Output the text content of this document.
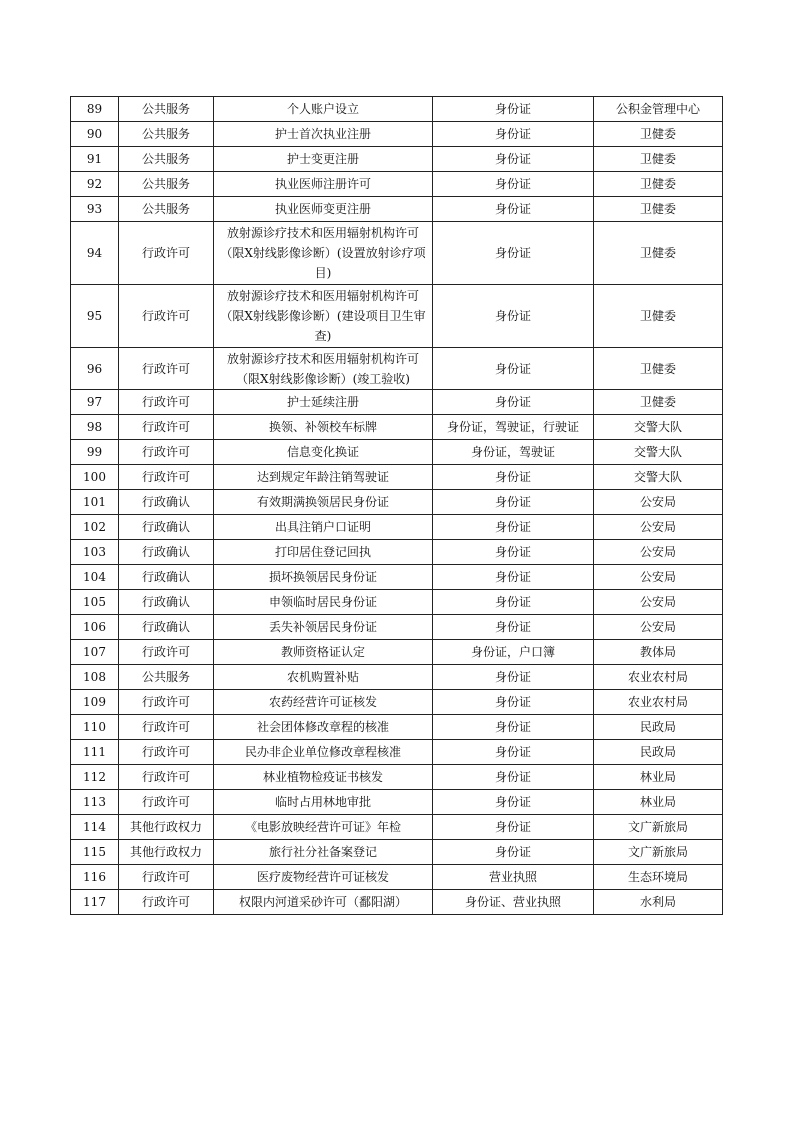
89	公共服务	个人账户设立	身份证	公积金管理中心
90	公共服务	护士首次执业注册	身份证	卫健委
91	公共服务	护士变更注册	身份证	卫健委
92	公共服务	执业医师注册许可	身份证	卫健委
93	公共服务	执业医师变更注册	身份证	卫健委
94	行政许可	放射源诊疗技术和医用辐射机构许可（限X射线影像诊断）(设置放射诊疗项目)	身份证	卫健委
95	行政许可	放射源诊疗技术和医用辐射机构许可（限X射线影像诊断）(建设项目卫生审查)	身份证	卫健委
96	行政许可	放射源诊疗技术和医用辐射机构许可（限X射线影像诊断）(竣工验收)	身份证	卫健委
97	行政许可	护士延续注册	身份证	卫健委
98	行政许可	换领、补领校车标牌	身份证，驾驶证，行驶证	交警大队
99	行政许可	信息变化换证	身份证，驾驶证	交警大队
100	行政许可	达到规定年龄注销驾驶证	身份证	交警大队
101	行政确认	有效期满换领居民身份证	身份证	公安局
102	行政确认	出具注销户口证明	身份证	公安局
103	行政确认	打印居住登记回执	身份证	公安局
104	行政确认	损坏换领居民身份证	身份证	公安局
105	行政确认	申领临时居民身份证	身份证	公安局
106	行政确认	丢失补领居民身份证	身份证	公安局
107	行政许可	教师资格证认定	身份证，户口簿	教体局
108	公共服务	农机购置补贴	身份证	农业农村局
109	行政许可	农药经营许可证核发	身份证	农业农村局
110	行政许可	社会团体修改章程的核准	身份证	民政局
111	行政许可	民办非企业单位修改章程核准	身份证	民政局
112	行政许可	林业植物检疫证书核发	身份证	林业局
113	行政许可	临时占用林地审批	身份证	林业局
114	其他行政权力	《电影放映经营许可证》年检	身份证	文广新旅局
115	其他行政权力	旅行社分社备案登记	身份证	文广新旅局
116	行政许可	医疗废物经营许可证核发	营业执照	生态环境局
117	行政许可	权限内河道采砂许可（鄱阳湖）	身份证、营业执照	水利局
